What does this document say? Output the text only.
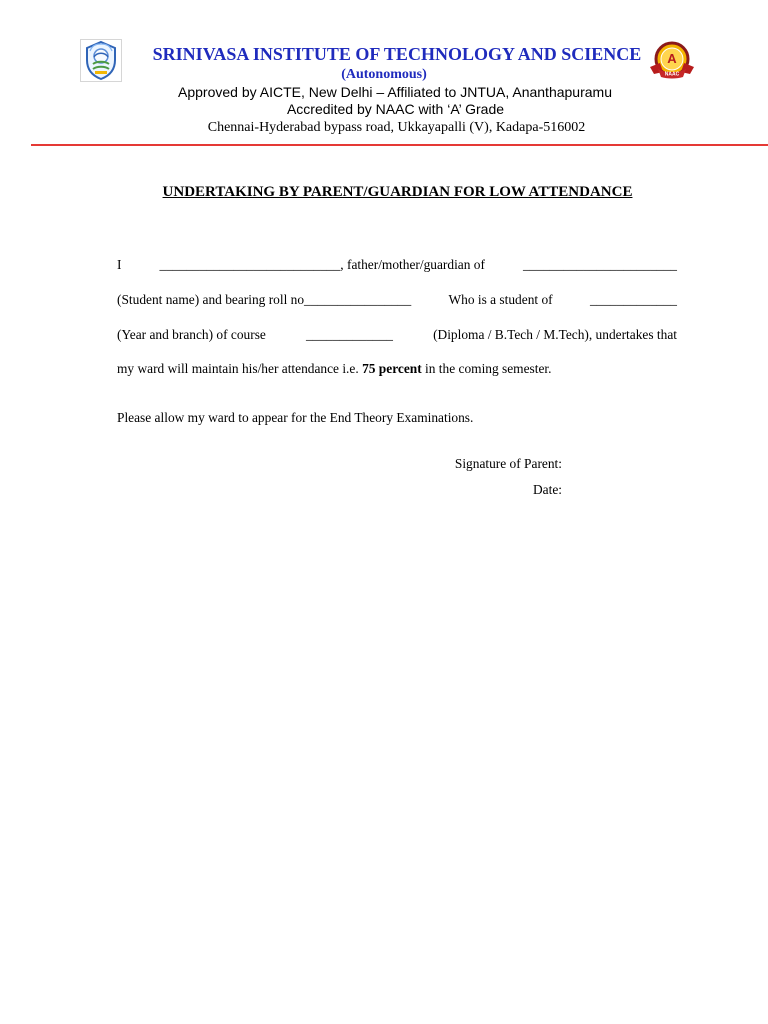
SRINIVASA INSTITUTE OF TECHNOLOGY AND SCIENCE
(Autonomous)
Approved by AICTE, New Delhi – Affiliated to JNTUA, Ananthapuramu
Accredited by NAAC with ‘A’ Grade
Chennai-Hyderabad bypass road, Ukkayapalli (V), Kadapa-516002
A
NAAC
UNDERTAKING BY PARENT/GUARDIAN FOR LOW ATTENDANCE
I	___________________________, father/mother/guardian of	_______________________
(Student name) and bearing roll no________________	Who is a student of	_____________
(Year and branch) of course	_____________	(Diploma / B.Tech / M.Tech), undertakes that
my ward will maintain his/her attendance i.e. 75 percent in the coming semester.
Please allow my ward to appear for the End Theory Examinations.
Signature of Parent:
Date:
